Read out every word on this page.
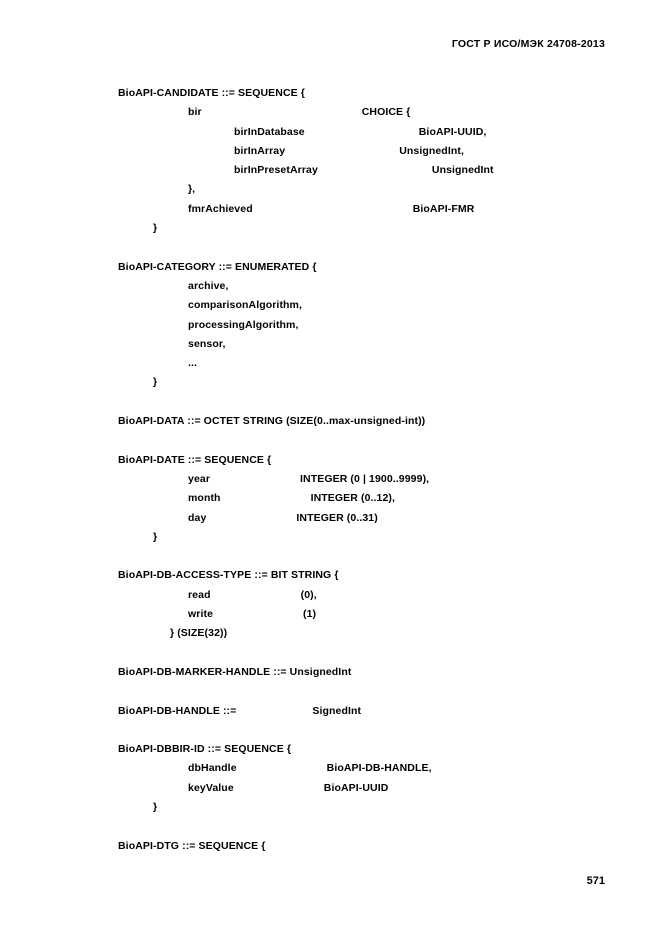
ГОСТ Р ИСО/МЭК 24708-2013
BioAPI-CANDIDATE ::= SEQUENCE {
bir	CHOICE {
birInDatabase	BioAPI-UUID,
birInArray	UnsignedInt,
birInPresetArray	UnsignedInt
},
fmrAchieved	BioAPI-FMR
}
BioAPI-CATEGORY ::= ENUMERATED {
archive,
comparisonAlgorithm,
processingAlgorithm,
sensor,
...
}
BioAPI-DATA ::= OCTET STRING (SIZE(0..max-unsigned-int))
BioAPI-DATE ::= SEQUENCE {
year	INTEGER (0 | 1900..9999),
month	INTEGER (0..12),
day	INTEGER (0..31)
}
BioAPI-DB-ACCESS-TYPE ::= BIT STRING {
read	(0),
write	(1)
} (SIZE(32))
BioAPI-DB-MARKER-HANDLE ::= UnsignedInt
BioAPI-DB-HANDLE ::=	SignedInt
BioAPI-DBBIR-ID ::= SEQUENCE {
dbHandle	BioAPI-DB-HANDLE,
keyValue	BioAPI-UUID
}
BioAPI-DTG ::= SEQUENCE {
571
